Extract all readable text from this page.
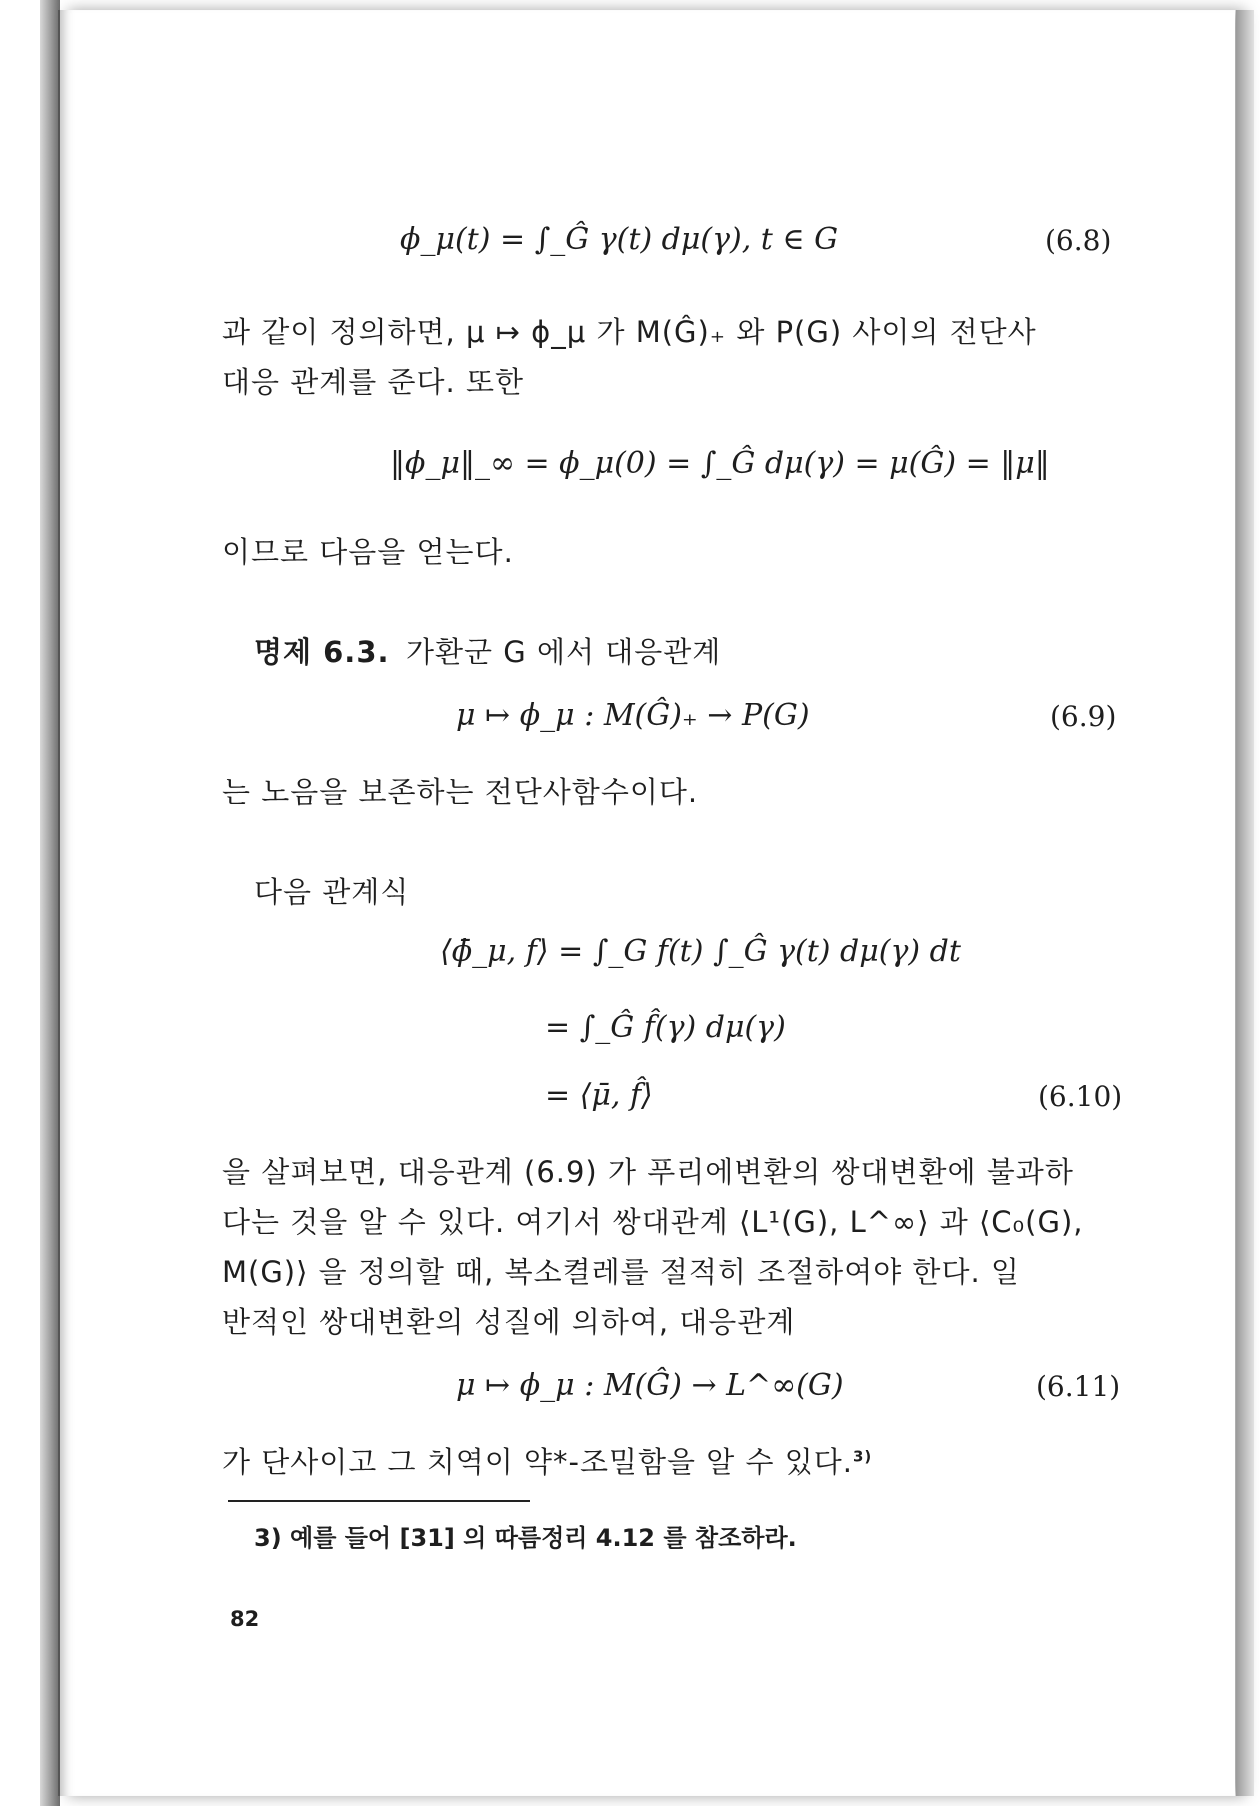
ϕ_μ(t) = ∫_Ĝ γ(t) dμ(γ), t ∈ G	(6.8)
과 같이 정의하면, μ ↦ ϕ_μ 가 M(Ĝ)₊ 와 P(G) 사이의 전단사
대응 관계를 준다. 또한
‖ϕ_μ‖_∞ = ϕ_μ(0) = ∫_Ĝ dμ(γ) = μ(Ĝ) = ‖μ‖
이므로 다음을 얻는다.
명제 6.3. 가환군 G 에서 대응관계
μ ↦ ϕ_μ : M(Ĝ)₊ → P(G)	(6.9)
는 노음을 보존하는 전단사함수이다.
다음 관계식
⟨ϕ̄_μ, f⟩ = ∫_G f(t) ∫_Ĝ γ(t) dμ(γ) dt
= ∫_Ĝ f̂(γ) dμ(γ)
= ⟨μ̄, f̂⟩	(6.10)
을 살펴보면, 대응관계 (6.9) 가 푸리에변환의 쌍대변환에 불과하
다는 것을 알 수 있다. 여기서 쌍대관계 ⟨L¹(G), L^∞⟩ 과 ⟨C₀(G),
M(G)⟩ 을 정의할 때, 복소켤레를 절적히 조절하여야 한다. 일
반적인 쌍대변환의 성질에 의하여, 대응관계
μ ↦ ϕ_μ : M(Ĝ) → L^∞(G)	(6.11)
가 단사이고 그 치역이 약*-조밀함을 알 수 있다.$^{3)}$
3) 예를 들어 [31] 의 따름정리 4.12 를 참조하라.
82
